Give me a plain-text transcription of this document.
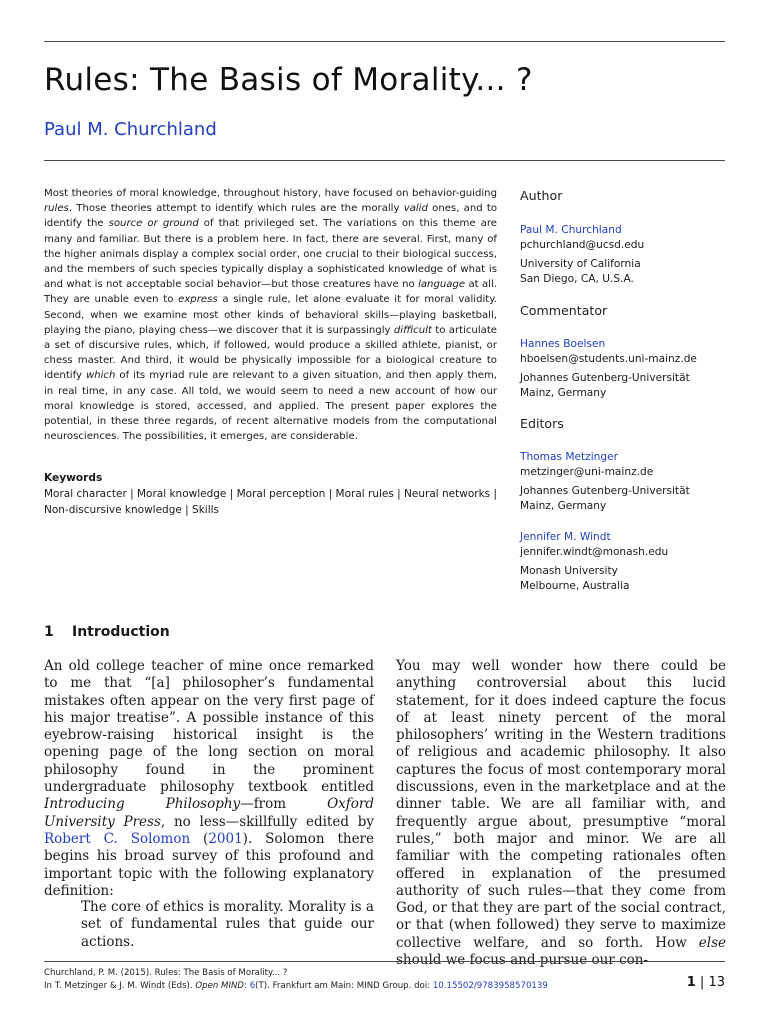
Rules: The Basis of Morality... ?
Paul M. Churchland

Most theories of moral knowledge, throughout history, have focused on behavior-guiding rules. Those theories attempt to identify which rules are the morally valid ones, and to identify the source or ground of that privileged set. The variations on this theme are many and familiar. But there is a problem here. In fact, there are several. First, many of the higher animals display a complex social order, one crucial to their biological success, and the members of such species typically display a sophisticated knowledge of what is and what is not acceptable social behavior—but those creatures have no language at all. They are unable even to express a single rule, let alone evaluate it for moral validity. Second, when we examine most other kinds of behavioral skills—playing basketball, playing the piano, playing chess—we discover that it is surpassingly difficult to articulate a set of discursive rules, which, if followed, would produce a skilled athlete, pianist, or chess master. And third, it would be physically impossible for a biological creature to identify which of its myriad rule are relevant to a given situation, and then apply them, in real time, in any case. All told, we would seem to need a new account of how our moral knowledge is stored, accessed, and applied. The present paper explores the potential, in these three regards, of recent alternative models from the computational neurosciences. The possibilities, it emerges, are considerable.

Keywords

Moral character | Moral knowledge | Moral perception | Moral rules | Neural networks | Non-discursive knowledge | Skills

Author

Paul M. Churchland
pchurchland@ucsd.edu
University of California
San Diego, CA, U.S.A.

Commentator

Hannes Boelsen
hboelsen@students.uni-mainz.de
Johannes Gutenberg-Universität
Mainz, Germany

Editors

Thomas Metzinger
metzinger@uni-mainz.de
Johannes Gutenberg-Universität
Mainz, Germany
Jennifer M. Windt
jennifer.windt@monash.edu
Monash University
Melbourne, Australia
1 Introduction

An old college teacher of mine once remarked to me that “[a] philosopher’s fundamental mistakes often appear on the very first page of his major treatise”. A possible instance of this eyebrow-raising historical insight is the opening page of the long section on moral philosophy found in the prominent undergraduate philosophy textbook entitled Introducing Philosophy—from Oxford University Press, no less—skillfully edited by Robert C. Solomon (2001). Solomon there begins his broad survey of this profound and important topic with the following explanatory definition:

The core of ethics is morality. Morality is a set of fundamental rules that guide our actions.

You may well wonder how there could be anything controversial about this lucid statement, for it does indeed capture the focus of at least ninety percent of the moral philosophers’ writing in the Western traditions of religious and academic philosophy. It also captures the focus of most contemporary moral discussions, even in the marketplace and at the dinner table. We are all familiar with, and frequently argue about, presumptive “moral rules,” both major and minor. We are all familiar with the competing rationales often offered in explanation of the presumed authority of such rules—that they come from God, or that they are part of the social contract, or that (when followed) they serve to maximize collective welfare, and so forth. How else should we focus and pursue our con-

Churchland, P. M. (2015). Rules: The Basis of Morality... ?
In T. Metzinger & J. M. Windt (Eds). Open MIND: 6(T). Frankfurt am Main: MIND Group. doi: 10.15502/9783958570139	1 | 13
